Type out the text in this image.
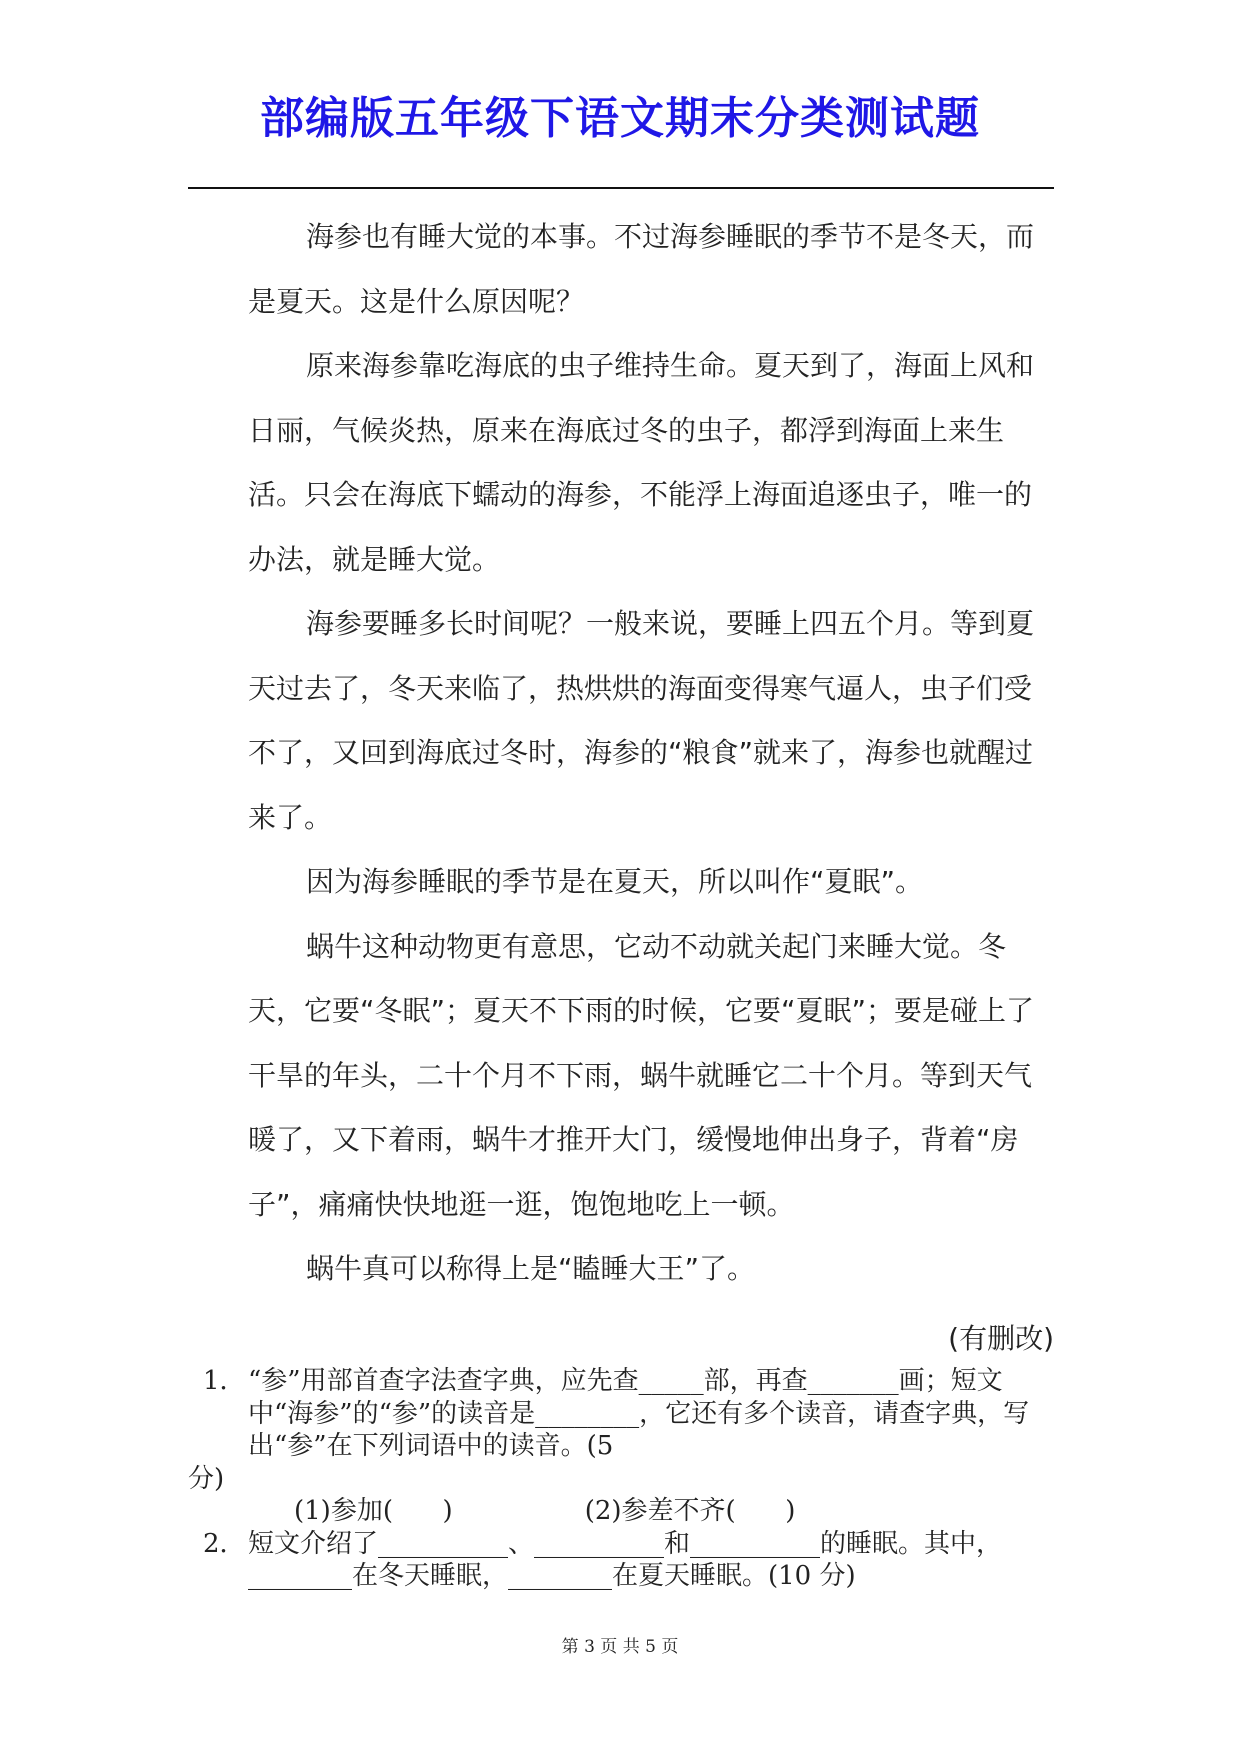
部编版五年级下语文期末分类测试题

海参也有睡大觉的本事。不过海参睡眠的季节不是冬天，而是夏天。这是什么原因呢？

原来海参靠吃海底的虫子维持生命。夏天到了，海面上风和日丽，气候炎热，原来在海底过冬的虫子，都浮到海面上来生活。只会在海底下蠕动的海参，不能浮上海面追逐虫子，唯一的办法，就是睡大觉。

海参要睡多长时间呢？一般来说，要睡上四五个月。等到夏天过去了，冬天来临了，热烘烘的海面变得寒气逼人，虫子们受不了，又回到海底过冬时，海参的“粮食”就来了，海参也就醒过来了。

因为海参睡眠的季节是在夏天，所以叫作“夏眠”。

蜗牛这种动物更有意思，它动不动就关起门来睡大觉。冬天，它要“冬眠”；夏天不下雨的时候，它要“夏眠”；要是碰上了干旱的年头，二十个月不下雨，蜗牛就睡它二十个月。等到天气暖了，又下着雨，蜗牛才推开大门，缓慢地伸出身子，背着“房子”，痛痛快快地逛一逛，饱饱地吃上一顿。

蜗牛真可以称得上是“瞌睡大王”了。

(有删改)

1．“参”用部首查字法查字典，应先查_____部，再查_______画；短文中“海参”的“参”的读音是________，它还有多个读音，请查字典，写出“参”在下列词语中的读音。(5

分)

(1)参加(      )	(2)参差不齐(      )

2．短文介绍了__________、__________和__________的睡眠。其中，________在冬天睡眠，________在夏天睡眠。(10 分)

第 3 页 共 5 页
